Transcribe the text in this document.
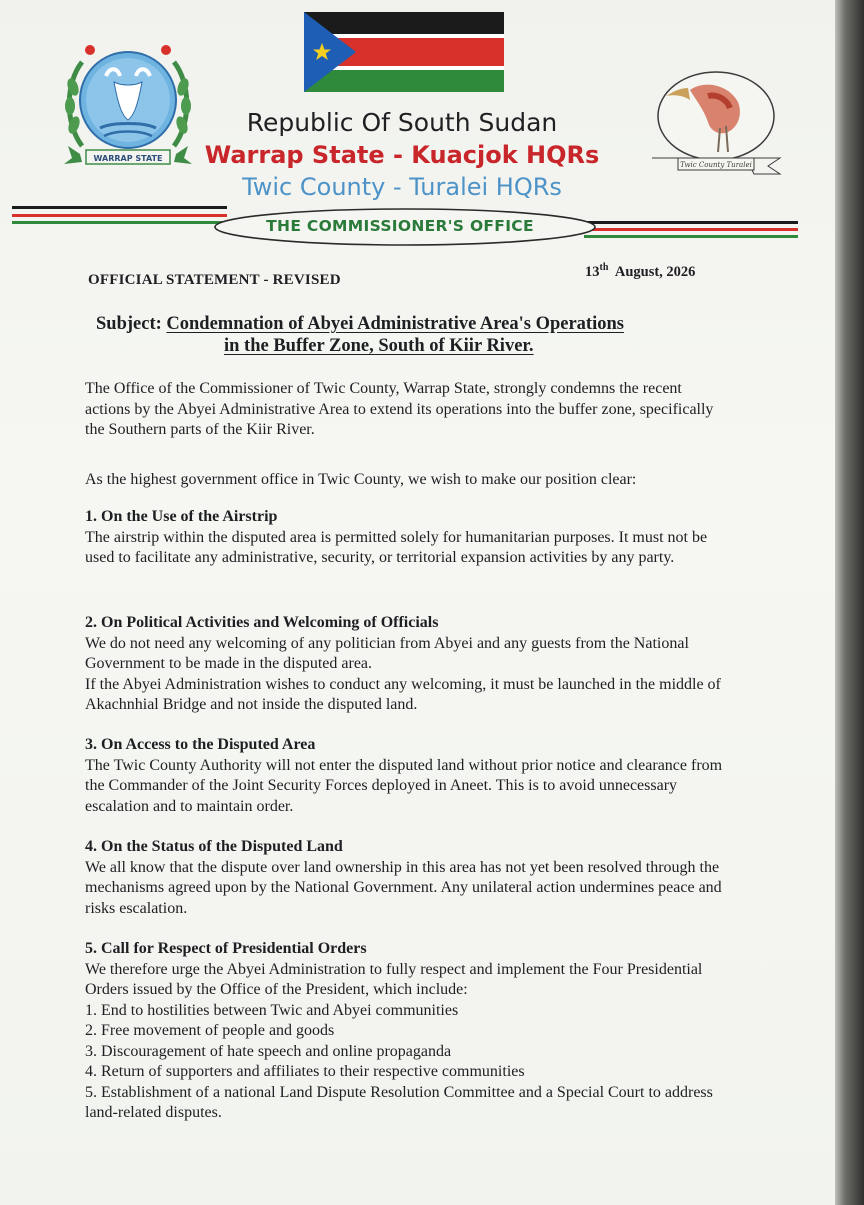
WARRAP STATE
Twic County Turalei
Republic Of South Sudan
Warrap State - Kuacjok HQRs
Twic County - Turalei HQRs
THE COMMISSIONER'S OFFICE
OFFICIAL STATEMENT - REVISED
13th August, 2026
Subject: Condemnation of Abyei Administrative Area's Operations
in the Buffer Zone, South of Kiir River.
The Office of the Commissioner of Twic County, Warrap State, strongly condemns the recent actions by the Abyei Administrative Area to extend its operations into the buffer zone, specifically the Southern parts of the Kiir River.
As the highest government office in Twic County, we wish to make our position clear:
1. On the Use of the Airstrip

The airstrip within the disputed area is permitted solely for humanitarian purposes. It must not be used to facilitate any administrative, security, or territorial expansion activities by any party.

2. On Political Activities and Welcoming of Officials

We do not need any welcoming of any politician from Abyei and any guests from the National Government to be made in the disputed area.

If the Abyei Administration wishes to conduct any welcoming, it must be launched in the middle of Akachnhial Bridge and not inside the disputed land.

3. On Access to the Disputed Area

The Twic County Authority will not enter the disputed land without prior notice and clearance from the Commander of the Joint Security Forces deployed in Aneet. This is to avoid unnecessary escalation and to maintain order.

4. On the Status of the Disputed Land

We all know that the dispute over land ownership in this area has not yet been resolved through the mechanisms agreed upon by the National Government. Any unilateral action undermines peace and risks escalation.

5. Call for Respect of Presidential Orders

We therefore urge the Abyei Administration to fully respect and implement the Four Presidential Orders issued by the Office of the President, which include:

1. End to hostilities between Twic and Abyei communities
2. Free movement of people and goods
3. Discouragement of hate speech and online propaganda
4. Return of supporters and affiliates to their respective communities
5. Establishment of a national Land Dispute Resolution Committee and a Special Court to address land-related disputes.
